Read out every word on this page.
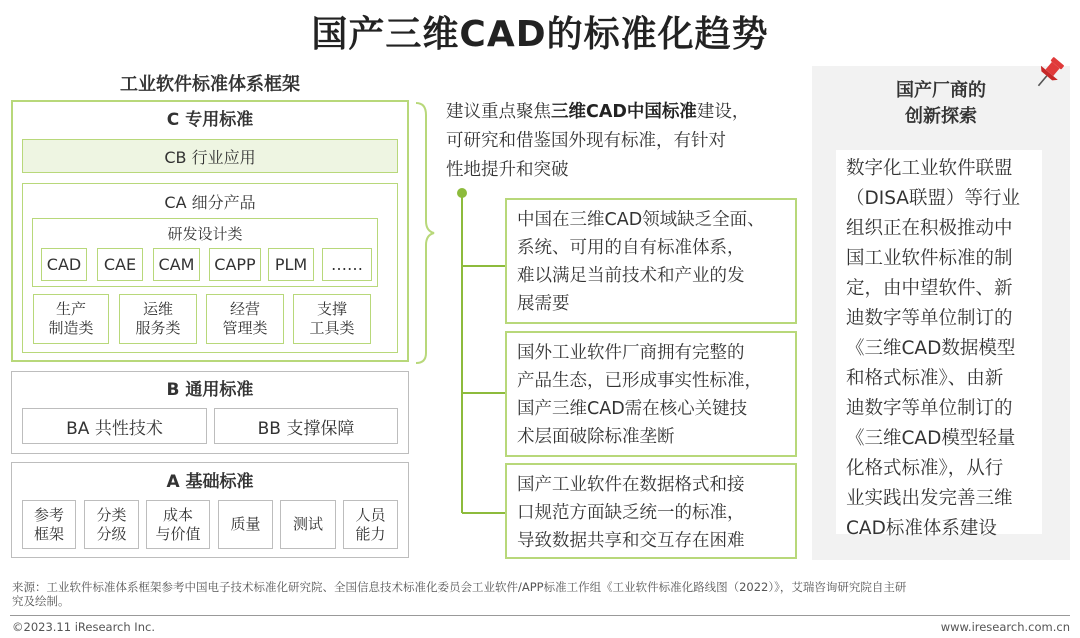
国产三维CAD的标准化趋势
工业软件标准体系框架
C 专用标准
CB 行业应用
CA 细分产品
研发设计类
CAD	CAE	CAM	CAPP	PLM	……
生产
制造类
运维
服务类
经营
管理类
支撑
工具类
B 通用标准
BA 共性技术	BB 支撑保障
A 基础标准
参考
框架
分类
分级
成本
与价值
质量 测试
人员
能力
建议重点聚焦三维CAD中国标准建设，
可研究和借鉴国外现有标准，有针对
性地提升和突破
中国在三维CAD领域缺乏全面、
系统、可用的自有标准体系，
难以满足当前技术和产业的发
展需要
国外工业软件厂商拥有完整的
产品生态，已形成事实性标准，
国产三维CAD需在核心关键技
术层面破除标准垄断
国产工业软件在数据格式和接
口规范方面缺乏统一的标准，
导致数据共享和交互存在困难
国产厂商的
创新探索
数字化工业软件联盟
（DISA联盟）等行业
组织正在积极推动中
国工业软件标准的制
定，由中望软件、新
迪数字等单位制订的
《三维CAD数据模型
和格式标准》、由新
迪数字等单位制订的
《三维CAD模型轻量
化格式标准》，从行
业实践出发完善三维
CAD标准体系建设
来源：工业软件标准体系框架参考中国电子技术标准化研究院、全国信息技术标准化委员会工业软件/APP标准工作组《工业软件标准化路线图（2022）》，艾瑞咨询研究院自主研
究及绘制。
©2023.11 iResearch Inc.	www.iresearch.com.cn
